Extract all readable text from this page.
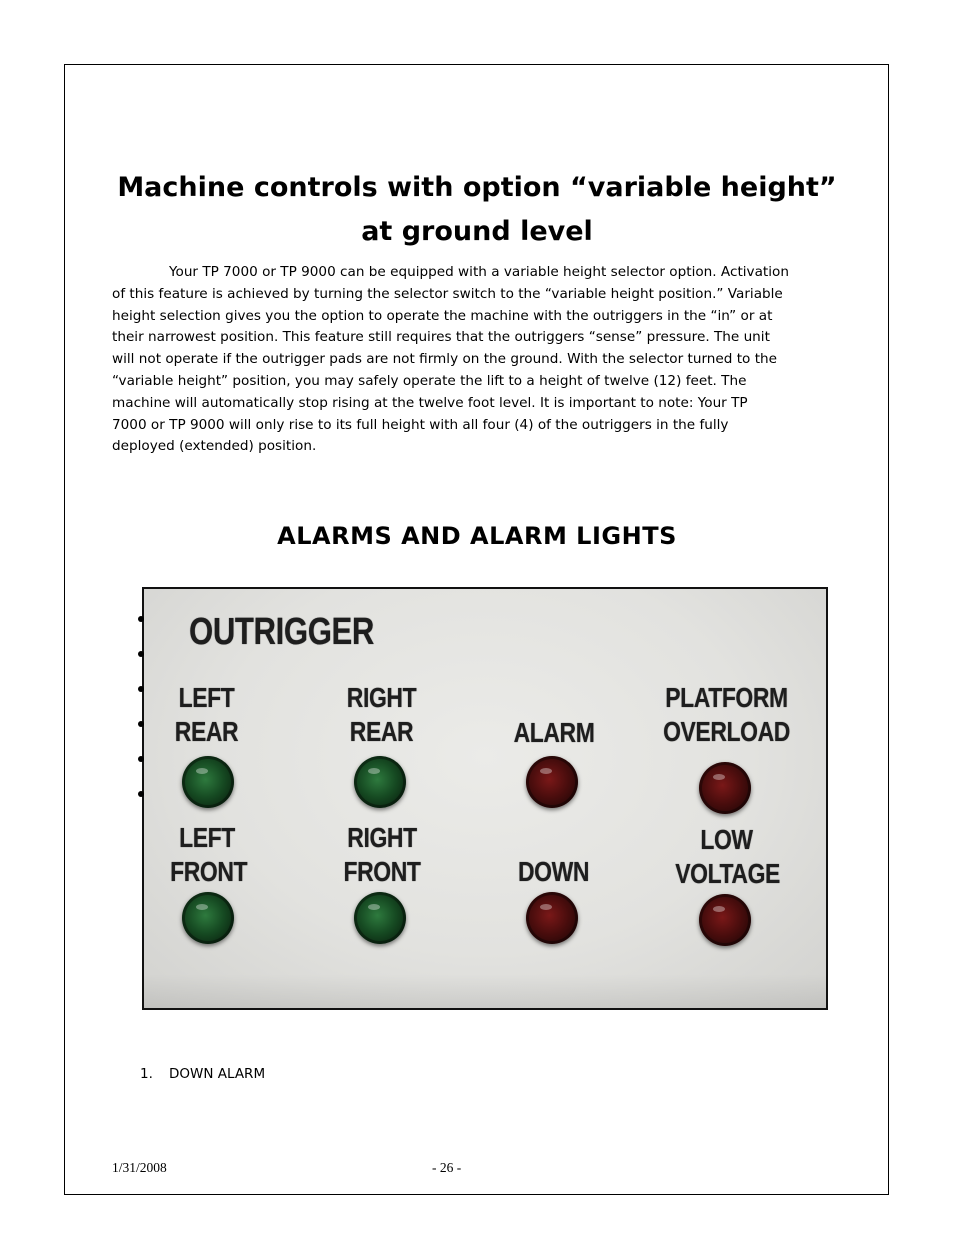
Machine controls with option “variable height”
at ground level
Your TP 7000 or TP 9000 can be equipped with a variable height selector option. Activation
of this feature is achieved by turning the selector switch to the “variable height position.” Variable
height selection gives you the option to operate the machine with the outriggers in the “in” or at
their narrowest position. This feature still requires that the outriggers “sense” pressure. The unit
will not operate if the outrigger pads are not firmly on the ground. With the selector turned to the
“variable height” position, you may safely operate the lift to a height of twelve (12) feet. The
machine will automatically stop rising at the twelve foot level. It is important to note: Your TP
7000 or TP 9000 will only rise to its full height with all four (4) of the outriggers in the fully
deployed (extended) position.
ALARMS AND ALARM LIGHTS
OUTRIGGER
LEFT
REAR
RIGHT
REAR	ALARM
PLATFORM
OVERLOAD
LEFT
FRONT
RIGHT
FRONT	DOWN
LOW
VOLTAGE
1. DOWN ALARM
1/31/2008	- 26 -
